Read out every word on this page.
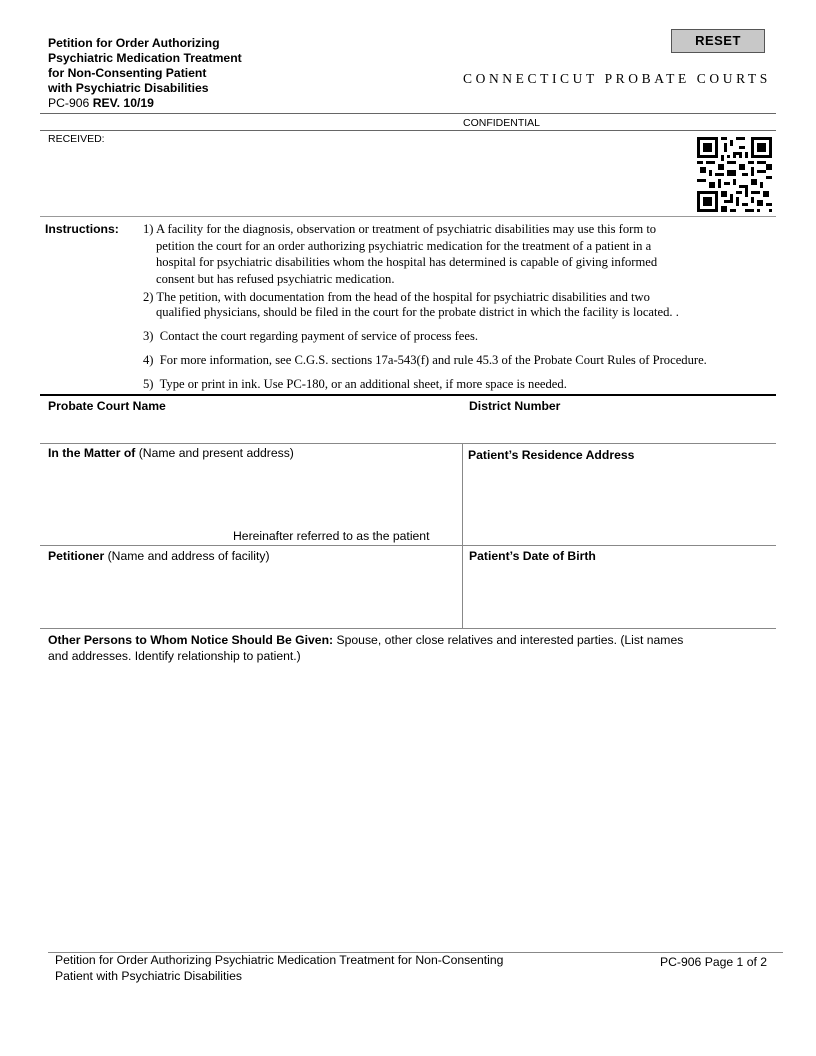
Petition for Order Authorizing
Psychiatric Medication Treatment
for Non-Consenting Patient
with Psychiatric Disabilities
PC-906 REV. 10/19
RESET
CONNECTICUT PROBATE COURTS
CONFIDENTIAL
RECEIVED:
Instructions: 1) A facility for the diagnosis, observation or treatment of psychiatric disabilities may use this form to
petition the court for an order authorizing psychiatric medication for the treatment of a patient in a
hospital for psychiatric disabilities whom the hospital has determined is capable of giving informed
consent but has refused psychiatric medication.
2) The petition, with documentation from the head of the hospital for psychiatric disabilities and two
qualified physicians, should be filed in the court for the probate district in which the facility is located. .
3) Contact the court regarding payment of service of process fees.
4) For more information, see C.G.S. sections 17a-543(f) and rule 45.3 of the Probate Court Rules of Procedure.
5) Type or print in ink. Use PC-180, or an additional sheet, if more space is needed.
Probate Court Name	District Number
In the Matter of (Name and present address)
Hereinafter referred to as the patient
Patient’s Residence Address
Petitioner (Name and address of facility)	Patient’s Date of Birth
Other Persons to Whom Notice Should Be Given: Spouse, other close relatives and interested parties. (List names
and addresses. Identify relationship to patient.)
Petition for Order Authorizing Psychiatric Medication Treatment for Non-Consenting
Patient with Psychiatric Disabilities
PC-906 Page 1 of 2
